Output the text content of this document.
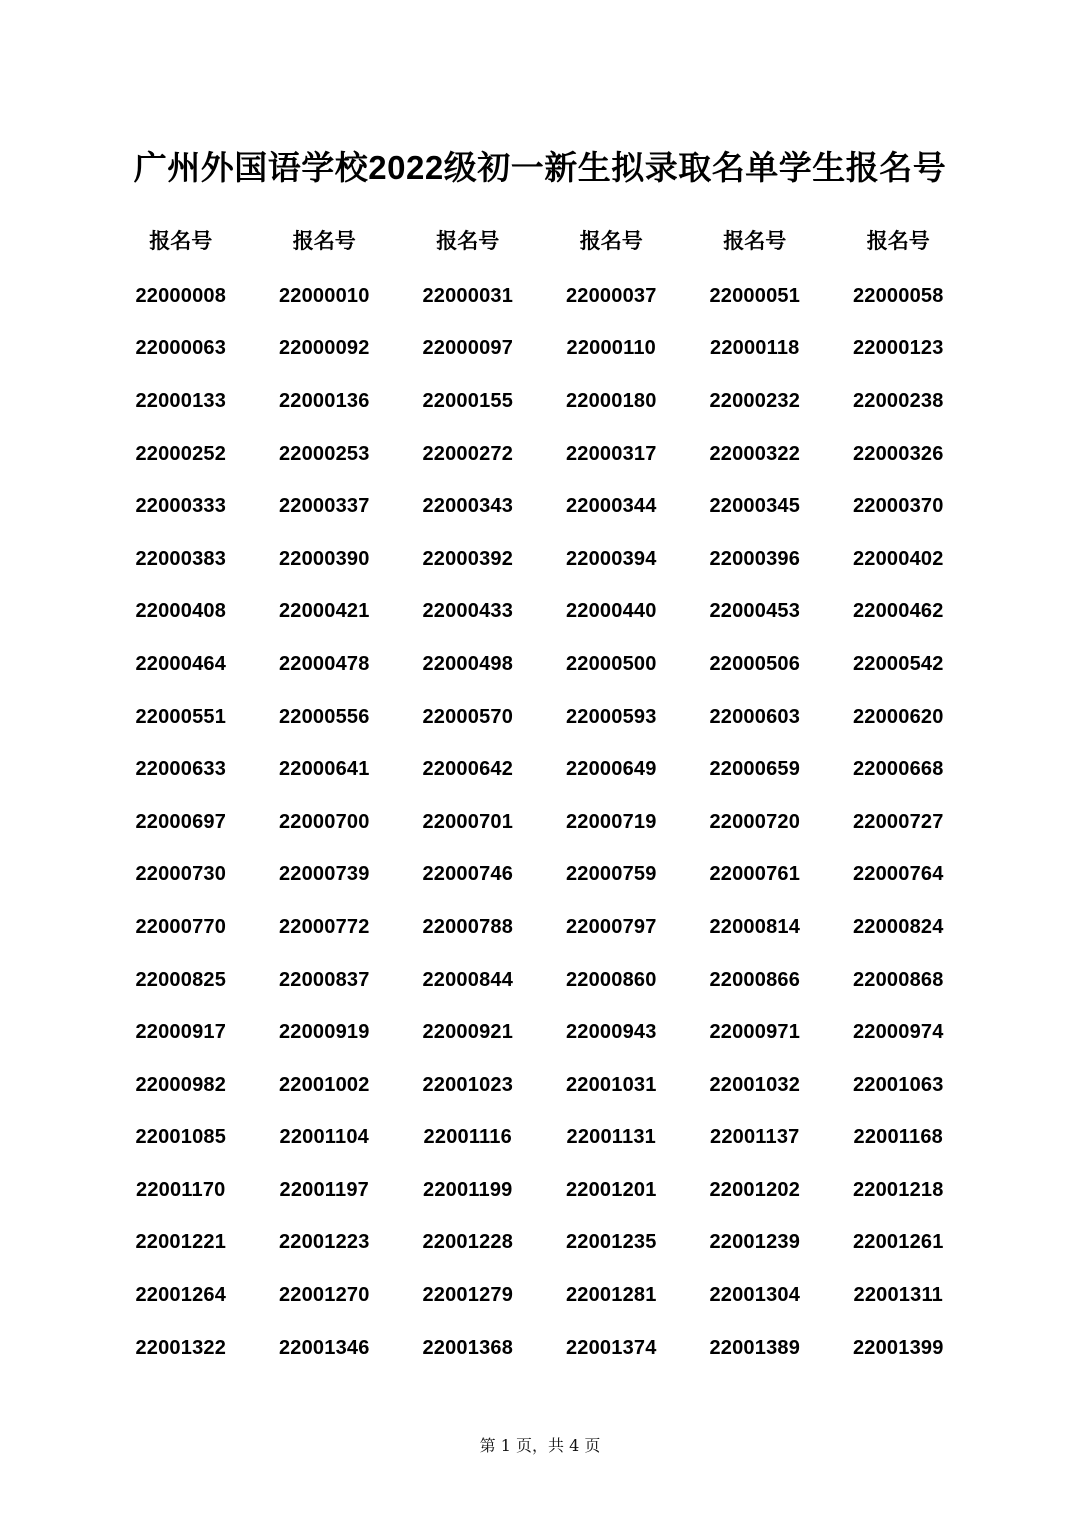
广州外国语学校2022级初一新生拟录取名单学生报名号
报名号	报名号	报名号	报名号	报名号	报名号
22000008	22000010	22000031	22000037	22000051	22000058
22000063	22000092	22000097	22000110	22000118	22000123
22000133	22000136	22000155	22000180	22000232	22000238
22000252	22000253	22000272	22000317	22000322	22000326
22000333	22000337	22000343	22000344	22000345	22000370
22000383	22000390	22000392	22000394	22000396	22000402
22000408	22000421	22000433	22000440	22000453	22000462
22000464	22000478	22000498	22000500	22000506	22000542
22000551	22000556	22000570	22000593	22000603	22000620
22000633	22000641	22000642	22000649	22000659	22000668
22000697	22000700	22000701	22000719	22000720	22000727
22000730	22000739	22000746	22000759	22000761	22000764
22000770	22000772	22000788	22000797	22000814	22000824
22000825	22000837	22000844	22000860	22000866	22000868
22000917	22000919	22000921	22000943	22000971	22000974
22000982	22001002	22001023	22001031	22001032	22001063
22001085	22001104	22001116	22001131	22001137	22001168
22001170	22001197	22001199	22001201	22001202	22001218
22001221	22001223	22001228	22001235	22001239	22001261
22001264	22001270	22001279	22001281	22001304	22001311
22001322	22001346	22001368	22001374	22001389	22001399
第 1 页，共 4 页
